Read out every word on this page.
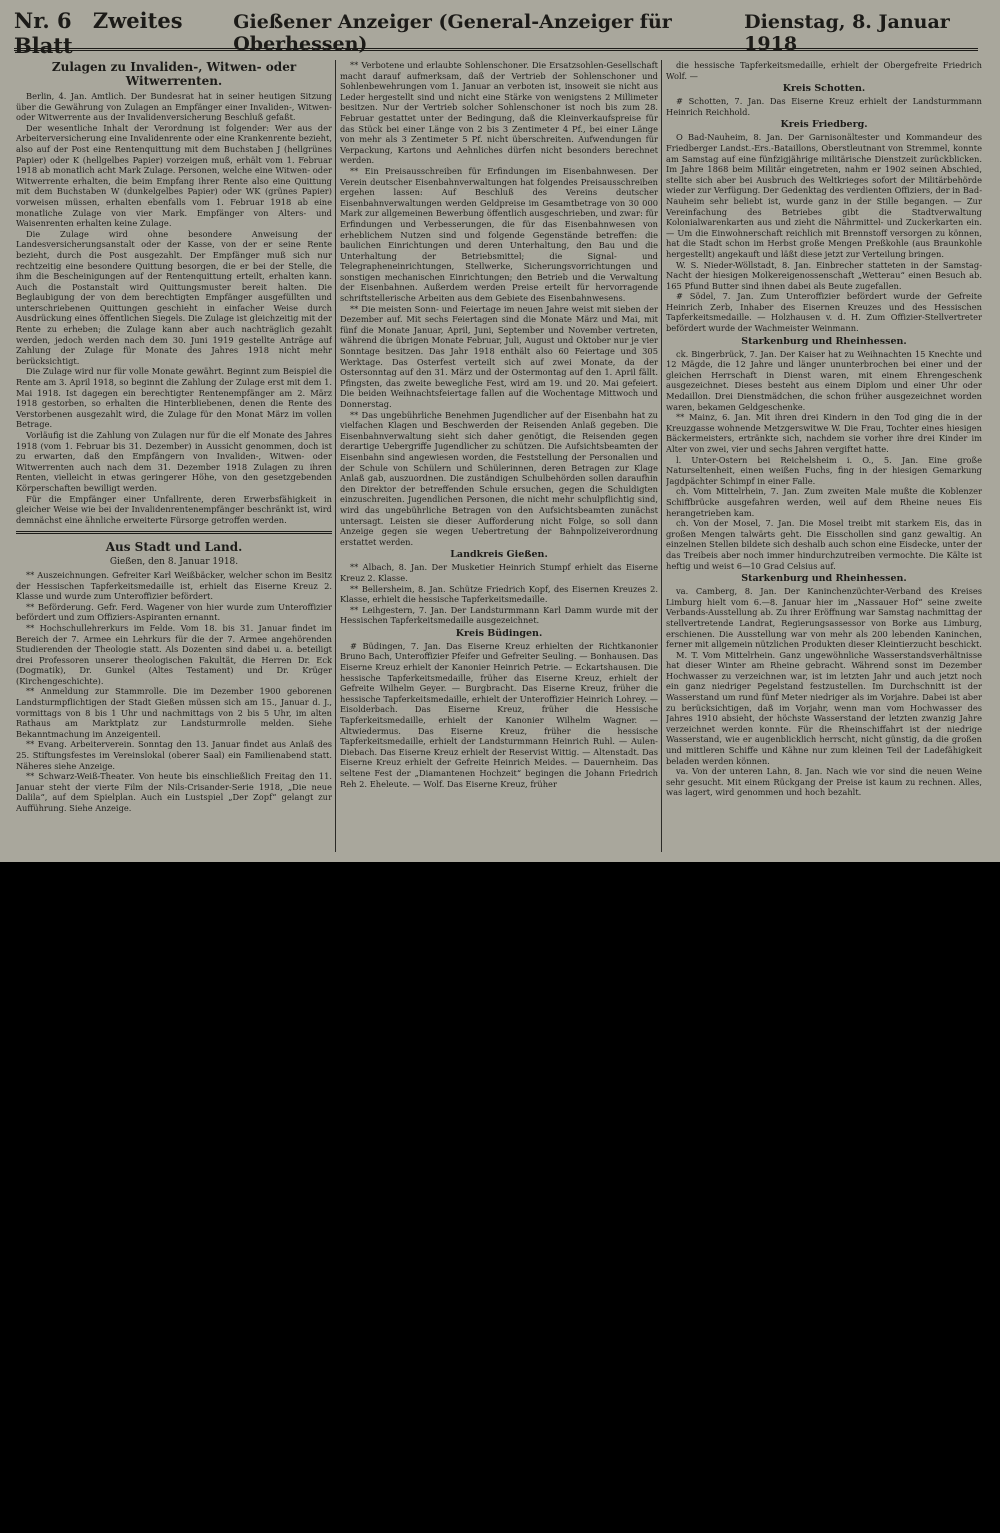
Nr. 6 Zweites Blatt
Gießener Anzeiger (General-Anzeiger für Oberhessen)
Dienstag, 8. Januar 1918
Zulagen zu Invaliden-, Witwen- oder Witwerrenten.

Berlin, 4. Jan. Amtlich. Der Bundesrat hat in seiner heutigen Sitzung über die Gewährung von Zulagen an Empfänger einer Invaliden-, Witwen- oder Witwerrente aus der Invalidenversicherung Beschluß gefaßt.

Der wesentliche Inhalt der Verordnung ist folgender: Wer aus der Arbeiterversicherung eine Invalidenrente oder eine Krankenrente bezieht, also auf der Post eine Rentenquittung mit dem Buchstaben J (hellgrünes Papier) oder K (hellgelbes Papier) vorzeigen muß, erhält vom 1. Februar 1918 ab monatlich acht Mark Zulage. Personen, welche eine Witwen- oder Witwerrente erhalten, die beim Empfang ihrer Rente also eine Quittung mit dem Buchstaben W (dunkelgelbes Papier) oder WK (grünes Papier) vorweisen müssen, erhalten ebenfalls vom 1. Februar 1918 ab eine monatliche Zulage von vier Mark. Empfänger von Alters- und Waisenrenten erhalten keine Zulage.

Die Zulage wird ohne besondere Anweisung der Landesversicherungsanstalt oder der Kasse, von der er seine Rente bezieht, durch die Post ausgezahlt. Der Empfänger muß sich nur rechtzeitig eine besondere Quittung besorgen, die er bei der Stelle, die ihm die Bescheinigungen auf der Rentenquittung erteilt, erhalten kann. Auch die Postanstalt wird Quittungsmuster bereit halten. Die Beglaubigung der von dem berechtigten Empfänger ausgefüllten und unterschriebenen Quittungen geschieht in einfacher Weise durch Ausdrückung eines öffentlichen Siegels. Die Zulage ist gleichzeitig mit der Rente zu erheben; die Zulage kann aber auch nachträglich gezahlt werden, jedoch werden nach dem 30. Juni 1919 gestellte Anträge auf Zahlung der Zulage für Monate des Jahres 1918 nicht mehr berücksichtigt.

Die Zulage wird nur für volle Monate gewährt. Beginnt zum Beispiel die Rente am 3. April 1918, so beginnt die Zahlung der Zulage erst mit dem 1. Mai 1918. Ist dagegen ein berechtigter Rentenempfänger am 2. März 1918 gestorben, so erhalten die Hinterbliebenen, denen die Rente des Verstorbenen ausgezahlt wird, die Zulage für den Monat März im vollen Betrage.

Vorläufig ist die Zahlung von Zulagen nur für die elf Monate des Jahres 1918 (vom 1. Februar bis 31. Dezember) in Aussicht genommen, doch ist zu erwarten, daß den Empfängern von Invaliden-, Witwen- oder Witwerrenten auch nach dem 31. Dezember 1918 Zulagen zu ihren Renten, vielleicht in etwas geringerer Höhe, von den gesetzgebenden Körperschaften bewilligt werden.

Für die Empfänger einer Unfallrente, deren Erwerbsfähigkeit in gleicher Weise wie bei der Invalidenrentenempfänger beschränkt ist, wird demnächst eine ähnliche erweiterte Fürsorge getroffen werden.

Aus Stadt und Land.
Gießen, den 8. Januar 1918.

** Auszeichnungen. Gefreiter Karl Weißbäcker, welcher schon im Besitz der Hessischen Tapferkeitsmedaille ist, erhielt das Eiserne Kreuz 2. Klasse und wurde zum Unteroffizier befördert.

** Beförderung. Gefr. Ferd. Wagener von hier wurde zum Unteroffizier befördert und zum Offiziers-Aspiranten ernannt.

** Hochschullehrerkurs im Felde. Vom 18. bis 31. Januar findet im Bereich der 7. Armee ein Lehrkurs für die der 7. Armee angehörenden Studierenden der Theologie statt. Als Dozenten sind dabei u. a. beteiligt drei Professoren unserer theologischen Fakultät, die Herren Dr. Eck (Dogmatik), Dr. Gunkel (Altes Testament) und Dr. Krüger (Kirchengeschichte).

** Anmeldung zur Stammrolle. Die im Dezember 1900 geborenen Landsturmpflichtigen der Stadt Gießen müssen sich am 15., Januar d. J., vormittags von 8 bis 1 Uhr und nachmittags von 2 bis 5 Uhr, im alten Rathaus am Marktplatz zur Landsturmrolle melden. Siehe Bekanntmachung im Anzeigenteil.

** Evang. Arbeiterverein. Sonntag den 13. Januar findet aus Anlaß des 25. Stiftungsfestes im Vereinslokal (oberer Saal) ein Familienabend statt. Näheres siehe Anzeige.

** Schwarz-Weiß-Theater. Von heute bis einschließlich Freitag den 11. Januar steht der vierte Film der Nils-Crisander-Serie 1918, „Die neue Dalila“, auf dem Spielplan. Auch ein Lustspiel „Der Zopf“ gelangt zur Aufführung. Siehe Anzeige.

** Verbotene und erlaubte Sohlenschoner. Die Ersatzsohlen-Gesellschaft macht darauf aufmerksam, daß der Vertrieb der Sohlenschoner und Sohlenbewehrungen vom 1. Januar an verboten ist, insoweit sie nicht aus Leder hergestellt sind und nicht eine Stärke von wenigstens 2 Millimeter besitzen. Nur der Vertrieb solcher Sohlenschoner ist noch bis zum 28. Februar gestattet unter der Bedingung, daß die Kleinverkaufspreise für das Stück bei einer Länge von 2 bis 3 Zentimeter 4 Pf., bei einer Länge von mehr als 3 Zentimeter 5 Pf. nicht überschreiten. Aufwendungen für Verpackung, Kartons und Aehnliches dürfen nicht besonders berechnet werden.

** Ein Preisausschreiben für Erfindungen im Eisenbahnwesen. Der Verein deutscher Eisenbahnverwaltungen hat folgendes Preisausschreiben ergehen lassen: Auf Beschluß des Vereins deutscher Eisenbahnverwaltungen werden Geldpreise im Gesamtbetrage von 30 000 Mark zur allgemeinen Bewerbung öffentlich ausgeschrieben, und zwar: für Erfindungen und Verbesserungen, die für das Eisenbahnwesen von erheblichem Nutzen sind und folgende Gegenstände betreffen: die baulichen Einrichtungen und deren Unterhaltung, den Bau und die Unterhaltung der Betriebsmittel; die Signal- und Telegrapheneinrichtungen, Stellwerke, Sicherungsvorrichtungen und sonstigen mechanischen Einrichtungen; den Betrieb und die Verwaltung der Eisenbahnen. Außerdem werden Preise erteilt für hervorragende schriftstellerische Arbeiten aus dem Gebiete des Eisenbahnwesens.

** Die meisten Sonn- und Feiertage im neuen Jahre weist mit sieben der Dezember auf. Mit sechs Feiertagen sind die Monate März und Mai, mit fünf die Monate Januar, April, Juni, September und November vertreten, während die übrigen Monate Februar, Juli, August und Oktober nur je vier Sonntage besitzen. Das Jahr 1918 enthält also 60 Feiertage und 305 Werktage. Das Osterfest verteilt sich auf zwei Monate, da der Ostersonntag auf den 31. März und der Ostermontag auf den 1. April fällt. Pfingsten, das zweite bewegliche Fest, wird am 19. und 20. Mai gefeiert. Die beiden Weihnachtsfeiertage fallen auf die Wochentage Mittwoch und Donnerstag.

** Das ungebührliche Benehmen Jugendlicher auf der Eisenbahn hat zu vielfachen Klagen und Beschwerden der Reisenden Anlaß gegeben. Die Eisenbahnverwaltung sieht sich daher genötigt, die Reisenden gegen derartige Uebergriffe Jugendlicher zu schützen. Die Aufsichtsbeamten der Eisenbahn sind angewiesen worden, die Feststellung der Personalien und der Schule von Schülern und Schülerinnen, deren Betragen zur Klage Anlaß gab, auszuordnen. Die zuständigen Schulbehörden sollen daraufhin den Direktor der betreffenden Schule ersuchen, gegen die Schuldigten einzuschreiten. Jugendlichen Personen, die nicht mehr schulpflichtig sind, wird das ungebührliche Betragen von den Aufsichtsbeamten zunächst untersagt. Leisten sie dieser Aufforderung nicht Folge, so soll dann Anzeige gegen sie wegen Uebertretung der Bahnpolizeiverordnung erstattet werden.

Landkreis Gießen.

** Albach, 8. Jan. Der Musketier Heinrich Stumpf erhielt das Eiserne Kreuz 2. Klasse.

** Bellersheim, 8. Jan. Schütze Friedrich Kopf, des Eisernen Kreuzes 2. Klasse, erhielt die hessische Tapferkeitsmedaille.

** Leihgestern, 7. Jan. Der Landsturmmann Karl Damm wurde mit der Hessischen Tapferkeitsmedaille ausgezeichnet.

Kreis Büdingen.

# Büdingen, 7. Jan. Das Eiserne Kreuz erhielten der Richtkanonier Bruno Bach, Unteroffizier Pfeifer und Gefreiter Seuling. — Bonhausen. Das Eiserne Kreuz erhielt der Kanonier Heinrich Petrie. — Eckartshausen. Die hessische Tapferkeitsmedaille, früher das Eiserne Kreuz, erhielt der Gefreite Wilhelm Geyer. — Burgbracht. Das Eiserne Kreuz, früher die hessische Tapferkeitsmedaille, erhielt der Unteroffizier Heinrich Lohrey. — Eisolderbach. Das Eiserne Kreuz, früher die Hessische Tapferkeitsmedaille, erhielt der Kanonier Wilhelm Wagner. — Altwiedermus. Das Eiserne Kreuz, früher die hessische Tapferkeitsmedaille, erhielt der Landsturmmann Heinrich Ruhl. — Aulen-Diebach. Das Eiserne Kreuz erhielt der Reservist Wittig. — Altenstadt. Das Eiserne Kreuz erhielt der Gefreite Heinrich Meides. — Dauernheim. Das seltene Fest der „Diamantenen Hochzeit“ begingen die Johann Friedrich Reh 2. Eheleute. — Wolf. Das Eiserne Kreuz, früher

die hessische Tapferkeitsmedaille, erhielt der Obergefreite Friedrich Wolf. —

Kreis Schotten.

# Schotten, 7. Jan. Das Eiserne Kreuz erhielt der Landsturmmann Heinrich Reichhold.

Kreis Friedberg.

O Bad-Nauheim, 8. Jan. Der Garnisonältester und Kommandeur des Friedberger Landst.-Ers.-Bataillons, Oberstleutnant von Stremmel, konnte am Samstag auf eine fünfzigjährige militärische Dienstzeit zurückblicken. Im Jahre 1868 beim Militär eingetreten, nahm er 1902 seinen Abschied, stellte sich aber bei Ausbruch des Weltkrieges sofort der Militärbehörde wieder zur Verfügung. Der Gedenktag des verdienten Offiziers, der in Bad-Nauheim sehr beliebt ist, wurde ganz in der Stille begangen. — Zur Vereinfachung des Betriebes gibt die Stadtverwaltung Kolonialwarenkarten aus und zieht die Nährmittel- und Zuckerkarten ein. — Um die Einwohnerschaft reichlich mit Brennstoff versorgen zu können, hat die Stadt schon im Herbst große Mengen Preßkohle (aus Braunkohle hergestellt) angekauft und läßt diese jetzt zur Verteilung bringen.

W. S. Nieder-Wöllstadt, 8. Jan. Einbrecher statteten in der Samstag-Nacht der hiesigen Molkereigenossenschaft „Wetterau“ einen Besuch ab. 165 Pfund Butter sind ihnen dabei als Beute zugefallen.

# Södel, 7. Jan. Zum Unteroffizier befördert wurde der Gefreite Heinrich Zerb, Inhaber des Eisernen Kreuzes und des Hessischen Tapferkeitsmedaille. — Holzhausen v. d. H. Zum Offizier-Stellvertreter befördert wurde der Wachmeister Weinmann.

Starkenburg und Rheinhessen.

ck. Bingerbrück, 7. Jan. Der Kaiser hat zu Weihnachten 15 Knechte und 12 Mägde, die 12 Jahre und länger ununterbrochen bei einer und der gleichen Herrschaft in Dienst waren, mit einem Ehrengeschenk ausgezeichnet. Dieses besteht aus einem Diplom und einer Uhr oder Medaillon. Drei Dienstmädchen, die schon früher ausgezeichnet worden waren, bekamen Geldgeschenke.

** Mainz, 6. Jan. Mit ihren drei Kindern in den Tod ging die in der Kreuzgasse wohnende Metzgerswitwe W. Die Frau, Tochter eines hiesigen Bäckermeisters, ertränkte sich, nachdem sie vorher ihre drei Kinder im Alter von zwei, vier und sechs Jahren vergiftet hatte.

l. Unter-Ostern bei Reichelsheim i. O., 5. Jan. Eine große Naturseltenheit, einen weißen Fuchs, fing in der hiesigen Gemarkung Jagdpächter Schimpf in einer Falle.

ch. Vom Mittelrhein, 7. Jan. Zum zweiten Male mußte die Koblenzer Schiffbrücke ausgefahren werden, weil auf dem Rheine neues Eis herangetrieben kam.

ch. Von der Mosel, 7. Jan. Die Mosel treibt mit starkem Eis, das in großen Mengen talwärts geht. Die Eisschollen sind ganz gewaltig. An einzelnen Stellen bildete sich deshalb auch schon eine Eisdecke, unter der das Treibeis aber noch immer hindurchzutreiben vermochte. Die Kälte ist heftig und weist 6—10 Grad Celsius auf.

Starkenburg und Rheinhessen.

va. Camberg, 8. Jan. Der Kaninchenzüchter-Verband des Kreises Limburg hielt vom 6.—8. Januar hier im „Nassauer Hof“ seine zweite Verbands-Ausstellung ab. Zu ihrer Eröffnung war Samstag nachmittag der stellvertretende Landrat, Regierungsassessor von Borke aus Limburg, erschienen. Die Ausstellung war von mehr als 200 lebenden Kaninchen, ferner mit allgemein nützlichen Produkten dieser Kleintierzucht beschickt.

M. T. Vom Mittelrhein. Ganz ungewöhnliche Wasserstandsverhältnisse hat dieser Winter am Rheine gebracht. Während sonst im Dezember Hochwasser zu verzeichnen war, ist im letzten Jahr und auch jetzt noch ein ganz niedriger Pegelstand festzustellen. Im Durchschnitt ist der Wasserstand um rund fünf Meter niedriger als im Vorjahre. Dabei ist aber zu berücksichtigen, daß im Vorjahr, wenn man vom Hochwasser des Jahres 1910 absieht, der höchste Wasserstand der letzten zwanzig Jahre verzeichnet werden konnte. Für die Rheinschiffahrt ist der niedrige Wasserstand, wie er augenblicklich herrscht, nicht günstig, da die großen und mittleren Schiffe und Kähne nur zum kleinen Teil der Ladefähigkeit beladen werden können.

va. Von der unteren Lahn, 8. Jan. Nach wie vor sind die neuen Weine sehr gesucht. Mit einem Rückgang der Preise ist kaum zu rechnen. Alles, was lagert, wird genommen und hoch bezahlt.
